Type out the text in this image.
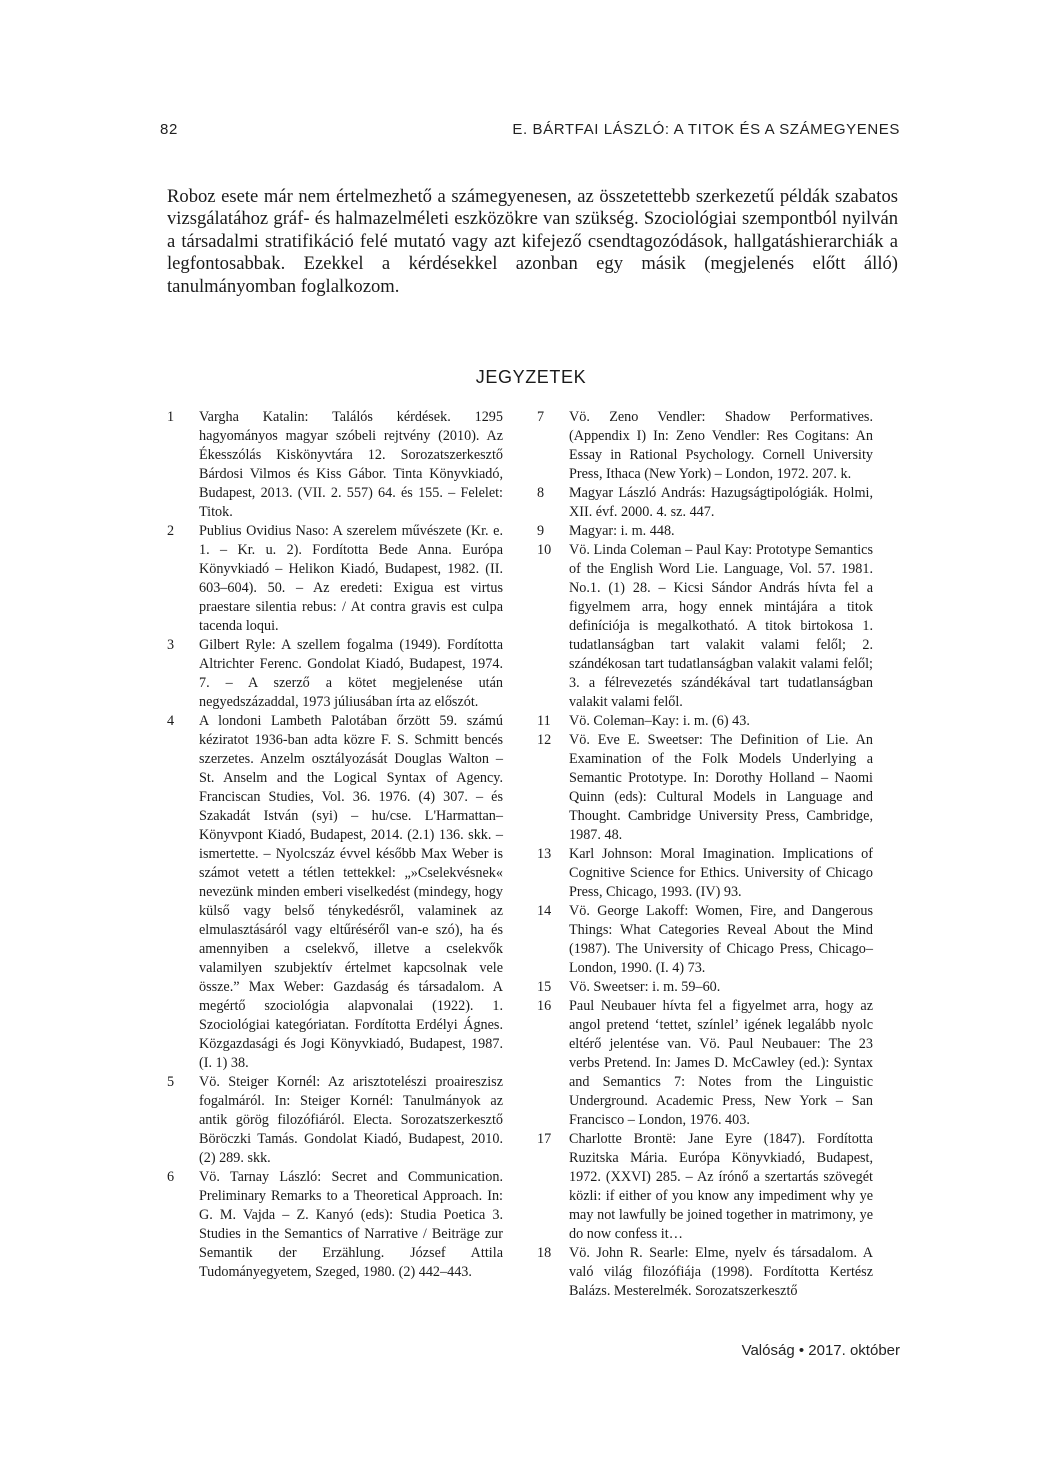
82	E. BÁRTFAI LÁSZLÓ: A TITOK ÉS A SZÁMEGYENES

Roboz esete már nem értelmezhető a számegyenesen, az összetettebb szerkezetű példák szabatos vizsgálatához gráf- és halmazelméleti eszközökre van szükség. Szociológiai szempontból nyilván a társadalmi stratifikáció felé mutató vagy azt kifejező csendtagozódások, hallgatáshierarchiák a legfontosabbak. Ezekkel a kérdésekkel azonban egy másik (megjelenés előtt álló) tanulmányomban foglalkozom.

JEGYZETEK
1	Vargha Katalin: Találós kérdések. 1295 hagyományos magyar szóbeli rejtvény (2010). Az Ékesszólás Kiskönyvtára 12. Sorozatszerkesztő Bárdosi Vilmos és Kiss Gábor. Tinta Könyvkiadó, Budapest, 2013. (VII. 2. 557) 64. és 155. – Felelet: Titok.
2	Publius Ovidius Naso: A szerelem művészete (Kr. e. 1. – Kr. u. 2). Fordította Bede Anna. Európa Könyvkiadó – Helikon Kiadó, Budapest, 1982. (II. 603–604). 50. – Az eredeti: Exigua est virtus praestare silentia rebus: / At contra gravis est culpa tacenda loqui.
3	Gilbert Ryle: A szellem fogalma (1949). Fordította Altrichter Ferenc. Gondolat Kiadó, Budapest, 1974. 7. – A szerző a kötet megjelenése után negyedszázaddal, 1973 júliusában írta az előszót.
4	A londoni Lambeth Palotában őrzött 59. számú kéziratot 1936-ban adta közre F. S. Schmitt bencés szerzetes. Anzelm osztályozását Douglas Walton – St. Anselm and the Logical Syntax of Agency. Franciscan Studies, Vol. 36. 1976. (4) 307. – és Szakadát István (syi) – hu/cse. L'Harmattan–Könyvpont Kiadó, Budapest, 2014. (2.1) 136. skk. – ismertette. – Nyolcszáz évvel később Max Weber is számot vetett a tétlen tettekkel: „»Cselekvésnek« nevezünk minden emberi viselkedést (mindegy, hogy külső vagy belső ténykedésről, valaminek az elmulasztásáról vagy eltűréséről van-e szó), ha és amennyiben a cselekvő, illetve a cselekvők valamilyen szubjektív értelmet kapcsolnak vele össze.” Max Weber: Gazdaság és társadalom. A megértő szociológia alapvonalai (1922). 1. Szociológiai kategóriatan. Fordította Erdélyi Ágnes. Közgazdasági és Jogi Könyvkiadó, Budapest, 1987. (I. 1) 38.
5	Vö. Steiger Kornél: Az arisztotelészi proaireszisz fogalmáról. In: Steiger Kornél: Tanulmányok az antik görög filozófiáról. Electa. Sorozatszerkesztő Böröczki Tamás. Gondolat Kiadó, Budapest, 2010. (2) 289. skk.
6	Vö. Tarnay László: Secret and Communication. Preliminary Remarks to a Theoretical Approach. In: G. M. Vajda – Z. Kanyó (eds): Studia Poetica 3. Studies in the Semantics of Narrative / Beiträge zur Semantik der Erzählung. József Attila Tudományegyetem, Szeged, 1980. (2) 442–443.
7	Vö. Zeno Vendler: Shadow Performatives. (Appendix I) In: Zeno Vendler: Res Cogitans: An Essay in Rational Psychology. Cornell University Press, Ithaca (New York) – London, 1972. 207. k.
8	Magyar László András: Hazugságtipológiák. Holmi, XII. évf. 2000. 4. sz. 447.
9	Magyar: i. m. 448.
10	Vö. Linda Coleman – Paul Kay: Prototype Semantics of the English Word Lie. Language, Vol. 57. 1981. No.1. (1) 28. – Kicsi Sándor András hívta fel a figyelmem arra, hogy ennek mintájára a titok definíciója is megalkotható. A titok birtokosa 1. tudatlanságban tart valakit valami felől; 2. szándékosan tart tudatlanságban valakit valami felől; 3. a félrevezetés szándékával tart tudatlanságban valakit valami felől.
11	Vö. Coleman–Kay: i. m. (6) 43.
12	Vö. Eve E. Sweetser: The Definition of Lie. An Examination of the Folk Models Underlying a Semantic Prototype. In: Dorothy Holland – Naomi Quinn (eds): Cultural Models in Language and Thought. Cambridge University Press, Cambridge, 1987. 48.
13	Karl Johnson: Moral Imagination. Implications of Cognitive Science for Ethics. University of Chicago Press, Chicago, 1993. (IV) 93.
14	Vö. George Lakoff: Women, Fire, and Dangerous Things: What Categories Reveal About the Mind (1987). The University of Chicago Press, Chicago–London, 1990. (I. 4) 73.
15	Vö. Sweetser: i. m. 59–60.
16	Paul Neubauer hívta fel a figyelmet arra, hogy az angol pretend ‘tettet, színlel’ igének legalább nyolc eltérő jelentése van. Vö. Paul Neubauer: The 23 verbs Pretend. In: James D. McCawley (ed.): Syntax and Semantics 7: Notes from the Linguistic Underground. Academic Press, New York – San Francisco – London, 1976. 403.
17	Charlotte Brontë: Jane Eyre (1847). Fordította Ruzitska Mária. Európa Könyvkiadó, Budapest, 1972. (XXVI) 285. – Az írónő a szertartás szövegét közli: if either of you know any impediment why ye may not lawfully be joined together in matrimony, ye do now confess it…
18	Vö. John R. Searle: Elme, nyelv és társadalom. A való világ filozófiája (1998). Fordította Kertész Balázs. Mesterelmék. Sorozatszerkesztő
Valóság • 2017. október
